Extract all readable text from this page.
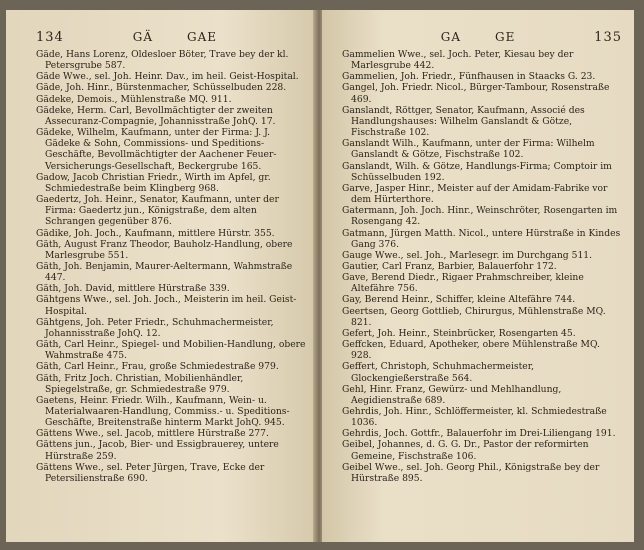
134	GÄ	GAE

Gäde, Hans Lorenz, Oldesloer Böter, Trave bey der kl. Petersgrube 587.

Gäde Wwe., sel. Joh. Heinr. Dav., im heil. Geist-Hospital.

Gäde, Joh. Hinr., Bürstenmacher, Schüsselbuden 228.

Gädeke, Demois., Mühlenstraße MQ. 911.

Gädeke, Herm. Carl, Bevollmächtigter der zweiten Assecuranz-Compagnie, Johannisstraße JohQ. 17.

Gädeke, Wilhelm, Kaufmann, unter der Firma: J. J. Gädeke & Sohn, Commissions- und Speditions-Geschäfte, Bevollmächtigter der Aachener Feuer-Versicherungs-Gesellschaft, Beckergrube 165.

Gadow, Jacob Christian Friedr., Wirth im Apfel, gr. Schmiedestraße beim Klingberg 968.

Gaedertz, Joh. Heinr., Senator, Kaufmann, unter der Firma: Gaedertz jun., Königstraße, dem alten Schrangen gegenüber 876.

Gädike, Joh. Joch., Kaufmann, mittlere Hürstr. 355.

Gäth, August Franz Theodor, Bauholz-Handlung, obere Marlesgrube 551.

Gäth, Joh. Benjamin, Maurer-Aeltermann, Wahmstraße 447.

Gäth, Joh. David, mittlere Hürstraße 339.

Gähtgens Wwe., sel. Joh. Joch., Meisterin im heil. Geist-Hospital.

Gähtgens, Joh. Peter Friedr., Schuhmachermeister, Johannisstraße JohQ. 12.

Gäth, Carl Heinr., Spiegel- und Mobilien-Handlung, obere Wahmstraße 475.

Gäth, Carl Heinr., Frau, große Schmiedestraße 979.

Gäth, Fritz Joch. Christian, Mobilienhändler, Spiegelstraße, gr. Schmiedestraße 979.

Gaetens, Heinr. Friedr. Wilh., Kaufmann, Wein- u. Materialwaaren-Handlung, Commiss.- u. Speditions-Geschäfte, Breitenstraße hinterm Markt JohQ. 945.

Gättens Wwe., sel. Jacob, mittlere Hürstraße 277.

Gättens jun., Jacob, Bier- und Essigbrauerey, untere Hürstraße 259.

Gättens Wwe., sel. Peter Jürgen, Trave, Ecke der Petersilienstraße 690.

GA	GE	135

Gammelien Wwe., sel. Joch. Peter, Kiesau bey der Marlesgrube 442.

Gammelien, Joh. Friedr., Fünfhausen in Staacks G. 23.

Gangel, Joh. Friedr. Nicol., Bürger-Tambour, Rosenstraße 469.

Ganslandt, Röttger, Senator, Kaufmann, Associé des Handlungshauses: Wilhelm Ganslandt & Götze, Fischstraße 102.

Ganslandt Wilh., Kaufmann, unter der Firma: Wilhelm Ganslandt & Götze, Fischstraße 102.

Ganslandt, Wilh. & Götze, Handlungs-Firma; Comptoir im Schüsselbuden 192.

Garve, Jasper Hinr., Meister auf der Amidam-Fabrike vor dem Hürterthore.

Gatermann, Joh. Joch. Hinr., Weinschröter, Rosengarten im Rosengang 42.

Gatmann, Jürgen Matth. Nicol., untere Hürstraße in Kindes Gang 376.

Gauge Wwe., sel. Joh., Marlesegr. im Durchgang 511.

Gautier, Carl Franz, Barbier, Balauerfohr 172.

Gave, Berend Diedr., Rigaer Prahmschreiber, kleine Altefähre 756.

Gay, Berend Heinr., Schiffer, kleine Altefähre 744.

Geertsen, Georg Gottlieb, Chirurgus, Mühlenstraße MQ. 821.

Gefert, Joh. Heinr., Steinbrücker, Rosengarten 45.

Geffcken, Eduard, Apotheker, obere Mühlenstraße MQ. 928.

Geffert, Christoph, Schuhmachermeister, Glockengießerstraße 564.

Gehl, Hinr. Franz, Gewürz- und Mehlhandlung, Aegidienstraße 689.

Gehrdis, Joh. Hinr., Schlöffermeister, kl. Schmiedestraße 1036.

Gehrdis, Joch. Gottfr., Balauerfohr im Drei-Liliengang 191.

Geibel, Johannes, d. G. G. Dr., Pastor der reformirten Gemeine, Fischstraße 106.

Geibel Wwe., sel. Joh. Georg Phil., Königstraße bey der Hürstraße 895.
